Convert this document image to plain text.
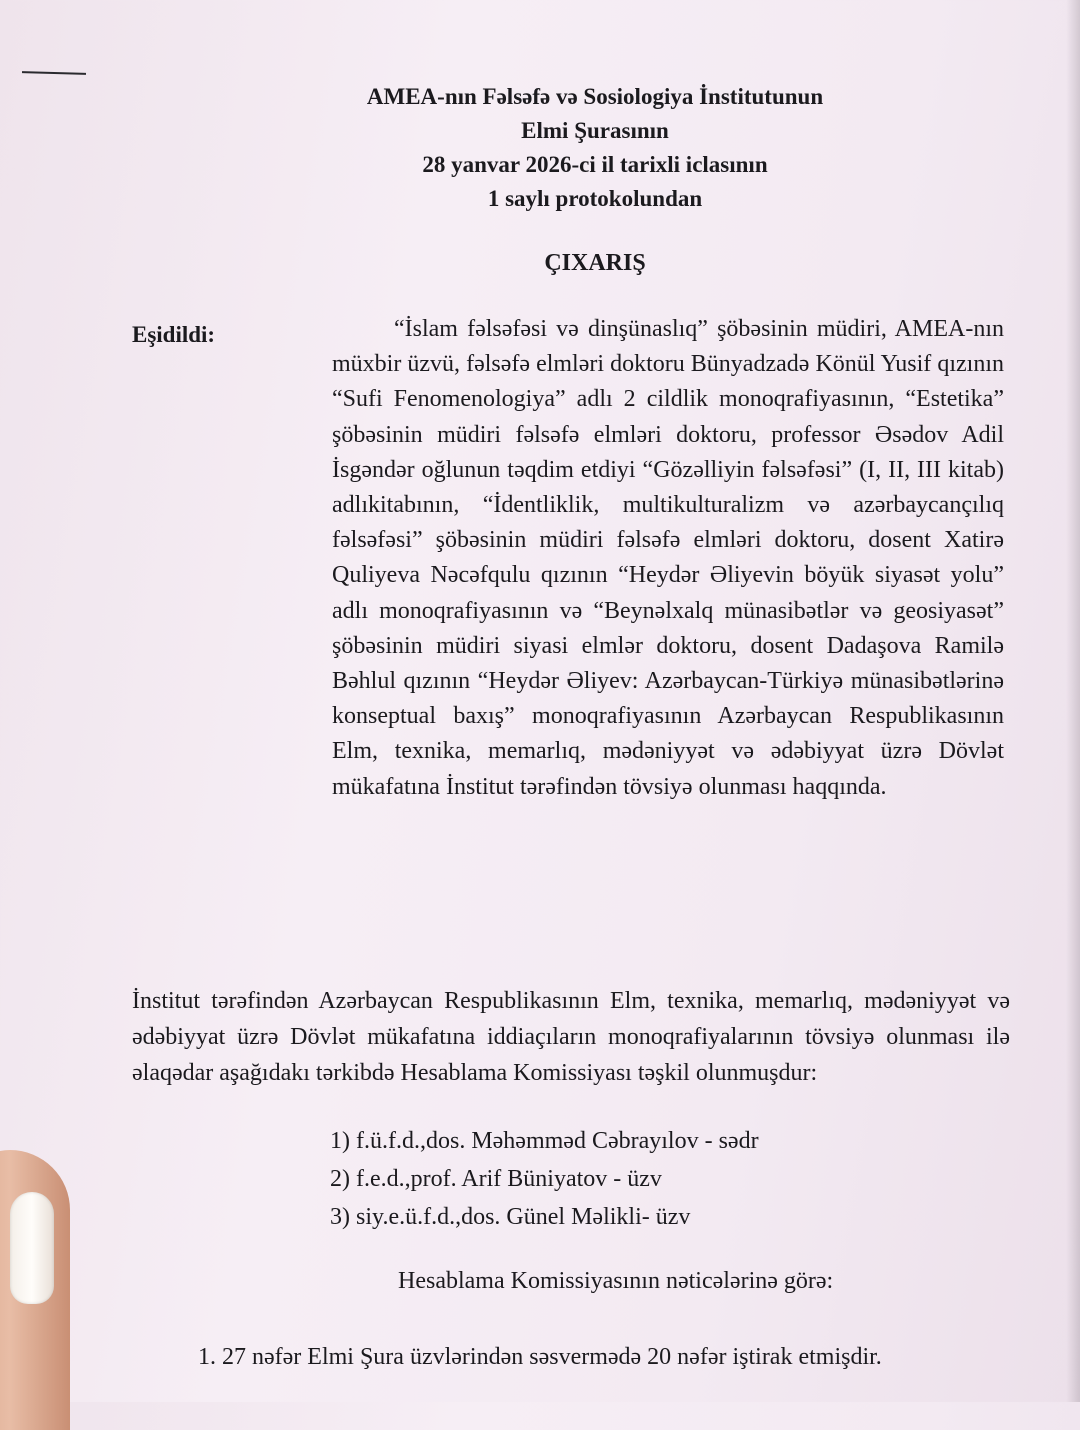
AMEA-nın Fəlsəfə və Sosiologiya İnstitutunun
Elmi Şurasının
28 yanvar 2026-ci il tarixli iclasının
1 saylı protokolundan
ÇIXARIŞ
Eşidildi:	“İslam fəlsəfəsi və dinşünaslıq” şöbəsinin müdiri, AMEA-nın müxbir üzvü, fəlsəfə elmləri doktoru Bünyadzadə Könül Yusif qızının “Sufi Fenomenologiya” adlı 2 cildlik monoqrafiyasının, “Estetika” şöbəsinin müdiri fəlsəfə elmləri doktoru, professor Əsədov Adil İsgəndər oğlunun təqdim etdiyi “Gözəlliyin fəlsəfəsi” (I, II, III kitab) adlıkitabının, “İdentliklik, multikulturalizm və azərbaycançılıq fəlsəfəsi” şöbəsinin müdiri fəlsəfə elmləri doktoru, dosent Xatirə Quliyeva Nəcəfqulu qızının “Heydər Əliyevin böyük siyasət yolu” adlı monoqrafiyasının və “Beynəlxalq münasibətlər və geosiyasət” şöbəsinin müdiri siyasi elmlər doktoru, dosent Dadaşova Ramilə Bəhlul qızının “Heydər Əliyev: Azərbaycan-Türkiyə münasibətlərinə konseptual baxış” monoqrafiyasının Azərbaycan Respublikasının Elm, texnika, memarlıq, mədəniyyət və ədəbiyyat üzrə Dövlət mükafatına İnstitut tərəfindən tövsiyə olunması haqqında.
İnstitut tərəfindən Azərbaycan Respublikasının Elm, texnika, memarlıq, mədəniyyət və ədəbiyyat üzrə Dövlət mükafatına iddiaçıların monoqrafiyalarının tövsiyə olunması ilə əlaqədar aşağıdakı tərkibdə Hesablama Komissiyası təşkil olunmuşdur:
1) f.ü.f.d.,dos. Məhəmməd Cəbrayılov - sədr
2) f.e.d.,prof. Arif Büniyatov - üzv
3) siy.e.ü.f.d.,dos. Günel Məlikli- üzv
Hesablama Komissiyasının nəticələrinə görə:
1. 27 nəfər Elmi Şura üzvlərindən səsvermədə 20 nəfər iştirak etmişdir.
